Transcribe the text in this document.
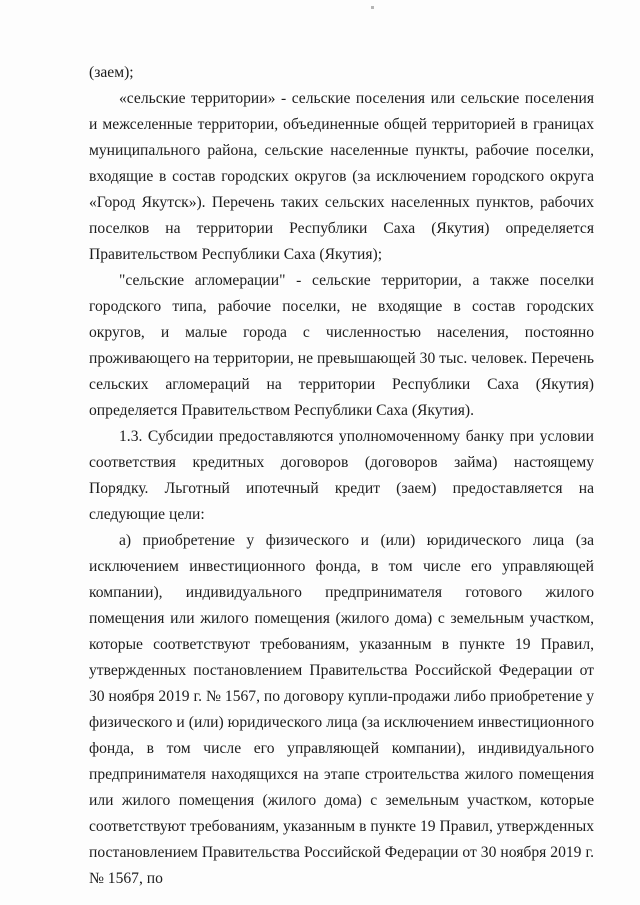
(заем);

«сельские территории» - сельские поселения или сельские поселения и межселенные территории, объединенные общей территорией в границах муниципального района, сельские населенные пункты, рабочие поселки, входящие в состав городских округов (за исключением городского округа «Город Якутск»). Перечень таких сельских населенных пунктов, рабочих поселков на территории Республики Саха (Якутия) определяется Правительством Республики Саха (Якутия);

"сельские агломерации" - сельские территории, а также поселки городского типа, рабочие поселки, не входящие в состав городских округов, и малые города с численностью населения, постоянно проживающего на территории, не превышающей 30 тыс. человек. Перечень сельских агломераций на территории Республики Саха (Якутия) определяется Правительством Республики Саха (Якутия).

1.3. Субсидии предоставляются уполномоченному банку при условии соответствия кредитных договоров (договоров займа) настоящему Порядку. Льготный ипотечный кредит (заем) предоставляется на следующие цели:

а) приобретение у физического и (или) юридического лица (за исключением инвестиционного фонда, в том числе его управляющей компании), индивидуального предпринимателя готового жилого помещения или жилого помещения (жилого дома) с земельным участком, которые соответствуют требованиям, указанным в пункте 19 Правил, утвержденных постановлением Правительства Российской Федерации от 30 ноября 2019 г. № 1567, по договору купли-продажи либо приобретение у физического и (или) юридического лица (за исключением инвестиционного фонда, в том числе его управляющей компании), индивидуального предпринимателя находящихся на этапе строительства жилого помещения или жилого помещения (жилого дома) с земельным участком, которые соответствуют требованиям, указанным в пункте 19 Правил, утвержденных постановлением Правительства Российской Федерации от 30 ноября 2019 г. № 1567, по
